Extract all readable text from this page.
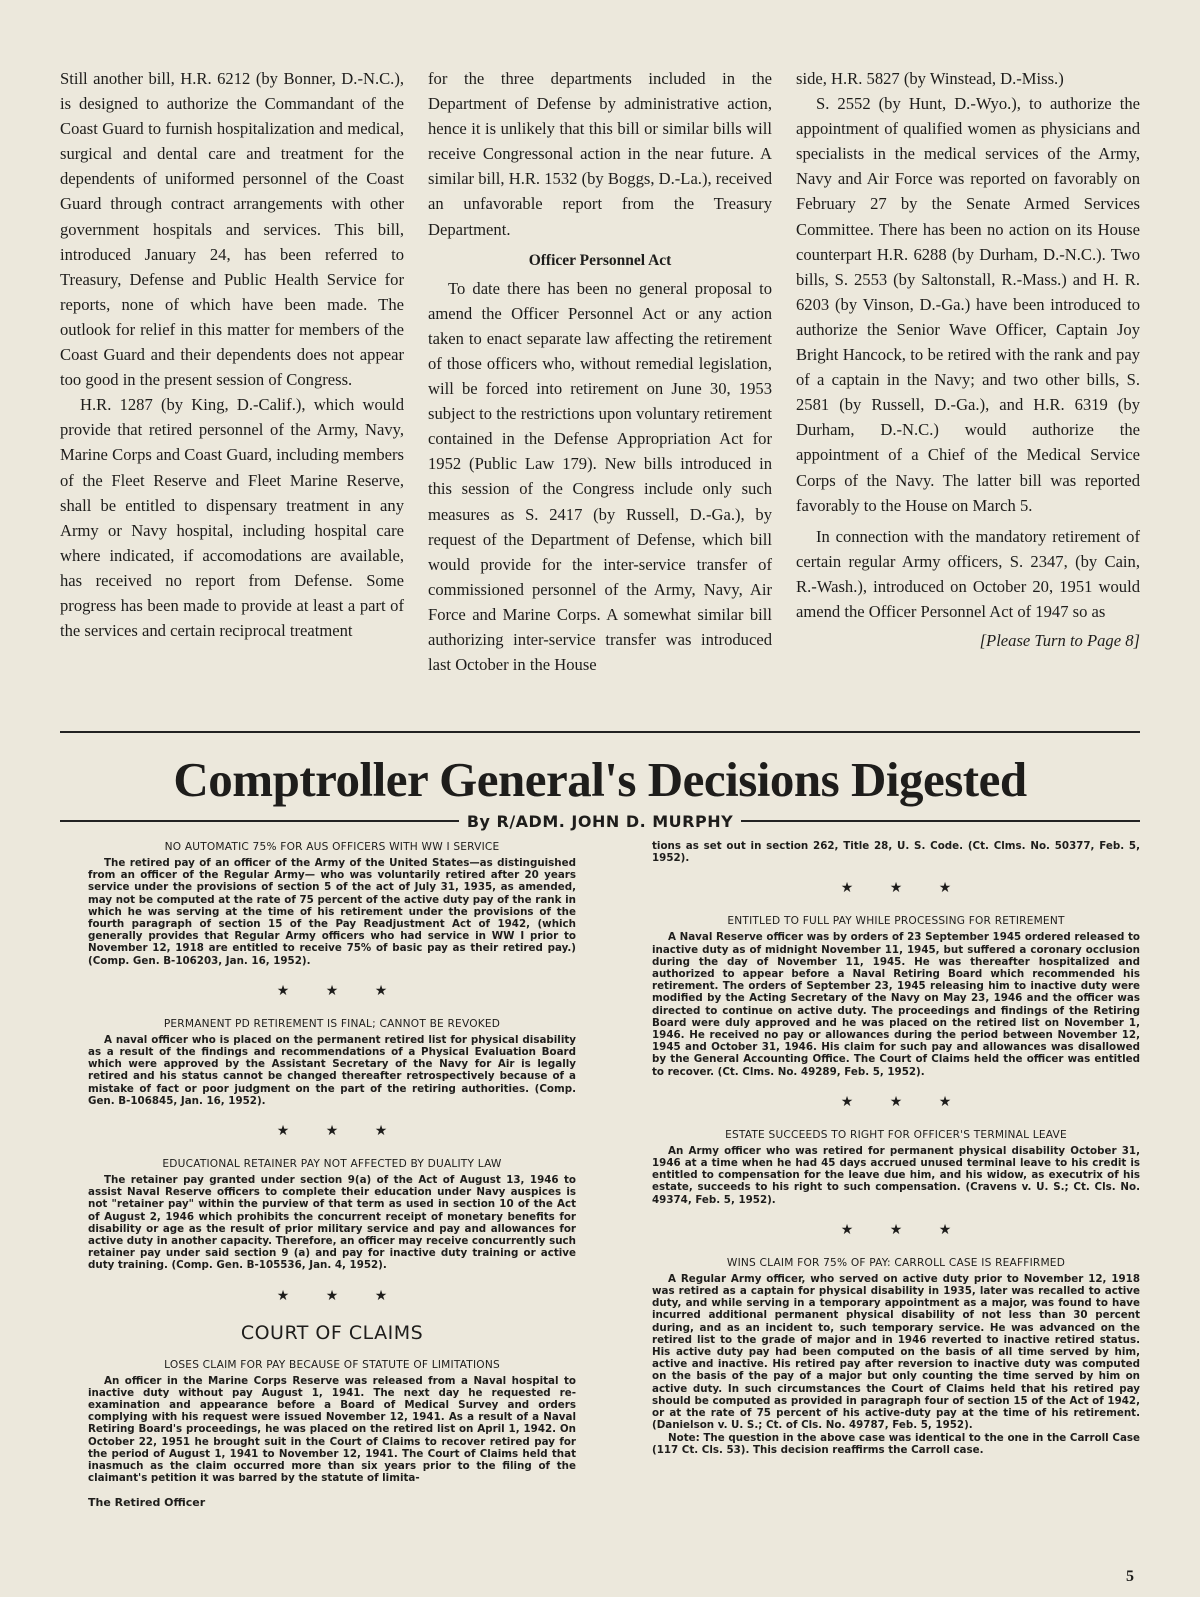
Still another bill, H.R. 6212 (by Bonner, D.-N.C.), is designed to authorize the Commandant of the Coast Guard to furnish hospitalization and medical, surgical and dental care and treatment for the dependents of uniformed personnel of the Coast Guard through contract arrangements with other government hospitals and services. This bill, introduced January 24, has been referred to Treasury, Defense and Public Health Service for reports, none of which have been made. The outlook for relief in this matter for members of the Coast Guard and their dependents does not appear too good in the present session of Congress.

H.R. 1287 (by King, D.-Calif.), which would provide that retired personnel of the Army, Navy, Marine Corps and Coast Guard, including members of the Fleet Reserve and Fleet Marine Reserve, shall be entitled to dispensary treatment in any Army or Navy hospital, including hospital care where indicated, if accomodations are available, has received no report from Defense. Some progress has been made to provide at least a part of the services and certain reciprocal treatment

for the three departments included in the Department of Defense by administrative action, hence it is unlikely that this bill or similar bills will receive Congressonal action in the near future. A similar bill, H.R. 1532 (by Boggs, D.-La.), received an unfavorable report from the Treasury Department.

Officer Personnel Act

To date there has been no general proposal to amend the Officer Personnel Act or any action taken to enact separate law affecting the retirement of those officers who, without remedial legislation, will be forced into retirement on June 30, 1953 subject to the restrictions upon voluntary retirement contained in the Defense Appropriation Act for 1952 (Public Law 179). New bills introduced in this session of the Congress include only such measures as S. 2417 (by Russell, D.-Ga.), by request of the Department of Defense, which bill would provide for the inter-service transfer of commissioned personnel of the Army, Navy, Air Force and Marine Corps. A somewhat similar bill authorizing inter-service transfer was introduced last October in the House

side, H.R. 5827 (by Winstead, D.-Miss.)

S. 2552 (by Hunt, D.-Wyo.), to authorize the appointment of qualified women as physicians and specialists in the medical services of the Army, Navy and Air Force was reported on favorably on February 27 by the Senate Armed Services Committee. There has been no action on its House counterpart H.R. 6288 (by Durham, D.-N.C.). Two bills, S. 2553 (by Saltonstall, R.-Mass.) and H. R. 6203 (by Vinson, D.-Ga.) have been introduced to authorize the Senior Wave Officer, Captain Joy Bright Hancock, to be retired with the rank and pay of a captain in the Navy; and two other bills, S. 2581 (by Russell, D.-Ga.), and H.R. 6319 (by Durham, D.-N.C.) would authorize the appointment of a Chief of the Medical Service Corps of the Navy. The latter bill was reported favorably to the House on March 5.

In connection with the mandatory retirement of certain regular Army officers, S. 2347, (by Cain, R.-Wash.), introduced on October 20, 1951 would amend the Officer Personnel Act of 1947 so as

[Please Turn to Page 8]

Comptroller General's Decisions Digested
By R/ADM. JOHN D. MURPHY
NO AUTOMATIC 75% FOR AUS OFFICERS WITH WW I SERVICE

The retired pay of an officer of the Army of the United States—as distinguished from an officer of the Regular Army— who was voluntarily retired after 20 years service under the provisions of section 5 of the act of July 31, 1935, as amended, may not be computed at the rate of 75 percent of the active duty pay of the rank in which he was serving at the time of his retirement under the provisions of the fourth paragraph of section 15 of the Pay Readjustment Act of 1942, (which generally provides that Regular Army officers who had service in WW I prior to November 12, 1918 are entitled to receive 75% of basic pay as their retired pay.) (Comp. Gen. B-106203, Jan. 16, 1952).

★ ★ ★
PERMANENT PD RETIREMENT IS FINAL; CANNOT BE REVOKED

A naval officer who is placed on the permanent retired list for physical disability as a result of the findings and recommendations of a Physical Evaluation Board which were approved by the Assistant Secretary of the Navy for Air is legally retired and his status cannot be changed thereafter retrospectively because of a mistake of fact or poor judgment on the part of the retiring authorities. (Comp. Gen. B-106845, Jan. 16, 1952).

★ ★ ★
EDUCATIONAL RETAINER PAY NOT AFFECTED BY DUALITY LAW

The retainer pay granted under section 9(a) of the Act of August 13, 1946 to assist Naval Reserve officers to complete their education under Navy auspices is not "retainer pay" within the purview of that term as used in section 10 of the Act of August 2, 1946 which prohibits the concurrent receipt of monetary benefits for disability or age as the result of prior military service and pay and allowances for active duty in another capacity. Therefore, an officer may receive concurrently such retainer pay under said section 9 (a) and pay for inactive duty training or active duty training. (Comp. Gen. B-105536, Jan. 4, 1952).

★ ★ ★
COURT OF CLAIMS
LOSES CLAIM FOR PAY BECAUSE OF STATUTE OF LIMITATIONS

An officer in the Marine Corps Reserve was released from a Naval hospital to inactive duty without pay August 1, 1941. The next day he requested re-examination and appearance before a Board of Medical Survey and orders complying with his request were issued November 12, 1941. As a result of a Naval Retiring Board's proceedings, he was placed on the retired list on April 1, 1942. On October 22, 1951 he brought suit in the Court of Claims to recover retired pay for the period of August 1, 1941 to November 12, 1941. The Court of Claims held that inasmuch as the claim occurred more than six years prior to the filing of the claimant's petition it was barred by the statute of limita-

tions as set out in section 262, Title 28, U. S. Code. (Ct. Clms. No. 50377, Feb. 5, 1952).

★ ★ ★
ENTITLED TO FULL PAY WHILE PROCESSING FOR RETIREMENT

A Naval Reserve officer was by orders of 23 September 1945 ordered released to inactive duty as of midnight November 11, 1945, but suffered a coronary occlusion during the day of November 11, 1945. He was thereafter hospitalized and authorized to appear before a Naval Retiring Board which recommended his retirement. The orders of September 23, 1945 releasing him to inactive duty were modified by the Acting Secretary of the Navy on May 23, 1946 and the officer was directed to continue on active duty. The proceedings and findings of the Retiring Board were duly approved and he was placed on the retired list on November 1, 1946. He received no pay or allowances during the period between November 12, 1945 and October 31, 1946. His claim for such pay and allowances was disallowed by the General Accounting Office. The Court of Claims held the officer was entitled to recover. (Ct. Clms. No. 49289, Feb. 5, 1952).

★ ★ ★
ESTATE SUCCEEDS TO RIGHT FOR OFFICER'S TERMINAL LEAVE

An Army officer who was retired for permanent physical disability October 31, 1946 at a time when he had 45 days accrued unused terminal leave to his credit is entitled to compensation for the leave due him, and his widow, as executrix of his estate, succeeds to his right to such compensation. (Cravens v. U. S.; Ct. Cls. No. 49374, Feb. 5, 1952).

★ ★ ★
WINS CLAIM FOR 75% OF PAY: CARROLL CASE IS REAFFIRMED

A Regular Army officer, who served on active duty prior to November 12, 1918 was retired as a captain for physical disability in 1935, later was recalled to active duty, and while serving in a temporary appointment as a major, was found to have incurred additional permanent physical disability of not less than 30 percent during, and as an incident to, such temporary service. He was advanced on the retired list to the grade of major and in 1946 reverted to inactive retired status. His active duty pay had been computed on the basis of all time served by him, active and inactive. His retired pay after reversion to inactive duty was computed on the basis of the pay of a major but only counting the time served by him on active duty. In such circumstances the Court of Claims held that his retired pay should be computed as provided in paragraph four of section 15 of the Act of 1942, or at the rate of 75 percent of his active-duty pay at the time of his retirement. (Danielson v. U. S.; Ct. of Cls. No. 49787, Feb. 5, 1952).

Note: The question in the above case was identical to the one in the Carroll Case (117 Ct. Cls. 53). This decision reaffirms the Carroll case.

The Retired Officer
5
